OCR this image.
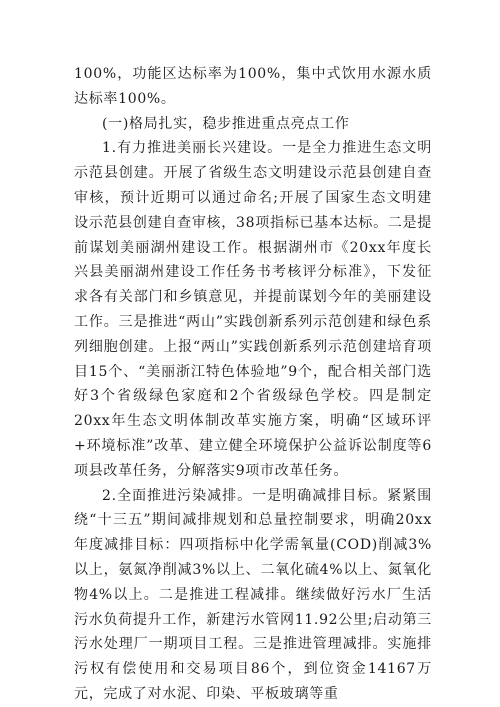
100%，功能区达标率为100%，集中式饮用水源水质达标率100%。

(一)格局扎实，稳步推进重点亮点工作

1.有力推进美丽长兴建设。一是全力推进生态文明示范县创建。开展了省级生态文明建设示范县创建自查审核，预计近期可以通过命名;开展了国家生态文明建设示范县创建自查审核，38项指标已基本达标。二是提前谋划美丽湖州建设工作。根据湖州市《20xx年度长兴县美丽湖州建设工作任务书考核评分标准》，下发征求各有关部门和乡镇意见，并提前谋划今年的美丽建设工作。三是推进“两山”实践创新系列示范创建和绿色系列细胞创建。上报“两山”实践创新系列示范创建培育项目15个、“美丽浙江特色体验地”9个，配合相关部门选好3个省级绿色家庭和2个省级绿色学校。四是制定20xx年生态文明体制改革实施方案，明确“区域环评+环境标准”改革、建立健全环境保护公益诉讼制度等6项县改革任务，分解落实9项市改革任务。

2.全面推进污染减排。一是明确减排目标。紧紧围绕“十三五”期间减排规划和总量控制要求，明确20xx年度减排目标：四项指标中化学需氧量(COD)削减3%以上，氨氮净削减3%以上、二氧化硫4%以上、氮氧化物4%以上。二是推进工程减排。继续做好污水厂生活污水负荷提升工作，新建污水管网11.92公里;启动第三污水处理厂一期项目工程。三是推进管理减排。实施排污权有偿使用和交易项目86个，到位资金14167万元，完成了对水泥、印染、平板玻璃等重
